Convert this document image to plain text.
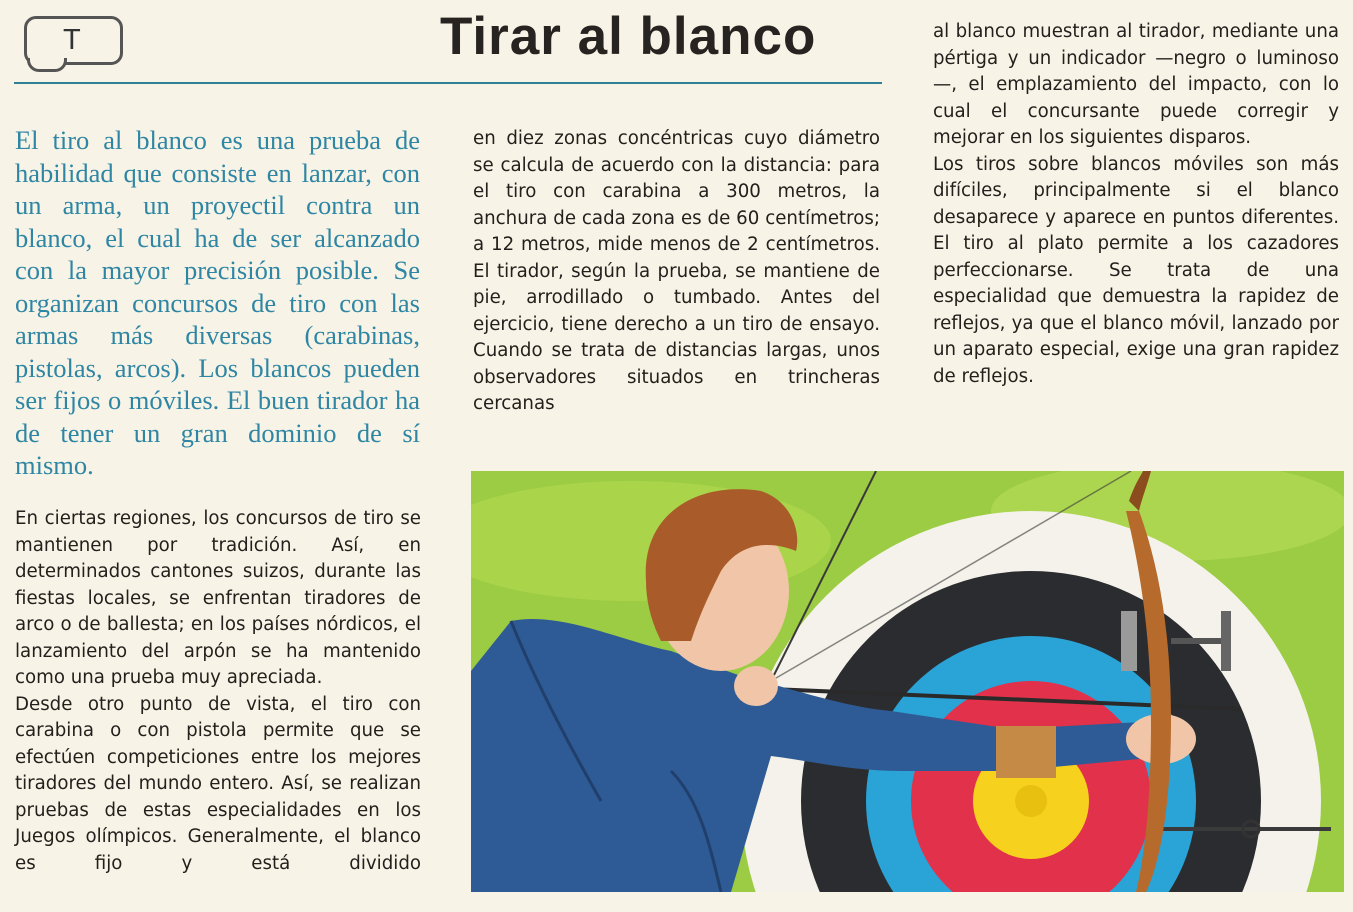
T	Tirar al blanco

El tiro al blanco es una prueba de habilidad que consiste en lanzar, con un arma, un proyectil contra un blanco, el cual ha de ser alcanzado con la mayor precisión posible. Se organizan concursos de tiro con las armas más diversas (carabinas, pistolas, arcos). Los blancos pueden ser fijos o móviles. El buen tirador ha de tener un gran dominio de sí mismo.

En ciertas regiones, los concursos de tiro se mantienen por tradición. Así, en determinados cantones suizos, durante las fiestas locales, se enfrentan tiradores de arco o de ballesta; en los países nórdicos, el lanzamiento del arpón se ha mantenido como una prueba muy apreciada.

Desde otro punto de vista, el tiro con carabina o con pistola permite que se efectúen competiciones entre los mejores tiradores del mundo entero. Así, se realizan pruebas de estas especialidades en los Juegos olímpicos. Generalmente, el blanco es fijo y está dividido

en diez zonas concéntricas cuyo diámetro se calcula de acuerdo con la distancia: para el tiro con carabina a 300 metros, la anchura de cada zona es de 60 centímetros; a 12 metros, mide menos de 2 centímetros. El tirador, según la prueba, se mantiene de pie, arrodillado o tumbado. Antes del ejercicio, tiene derecho a un tiro de ensayo. Cuando se trata de distancias largas, unos observadores situados en trincheras cercanas

al blanco muestran al tirador, mediante una pértiga y un indicador —negro o luminoso—, el emplazamiento del impacto, con lo cual el concursante puede corregir y mejorar en los siguientes disparos.

Los tiros sobre blancos móviles son más difíciles, principalmente si el blanco desaparece y aparece en puntos diferentes. El tiro al plato permite a los cazadores perfeccionarse. Se trata de una especialidad que demuestra la rapidez de reflejos, ya que el blanco móvil, lanzado por un aparato especial, exige una gran rapidez de reflejos.
